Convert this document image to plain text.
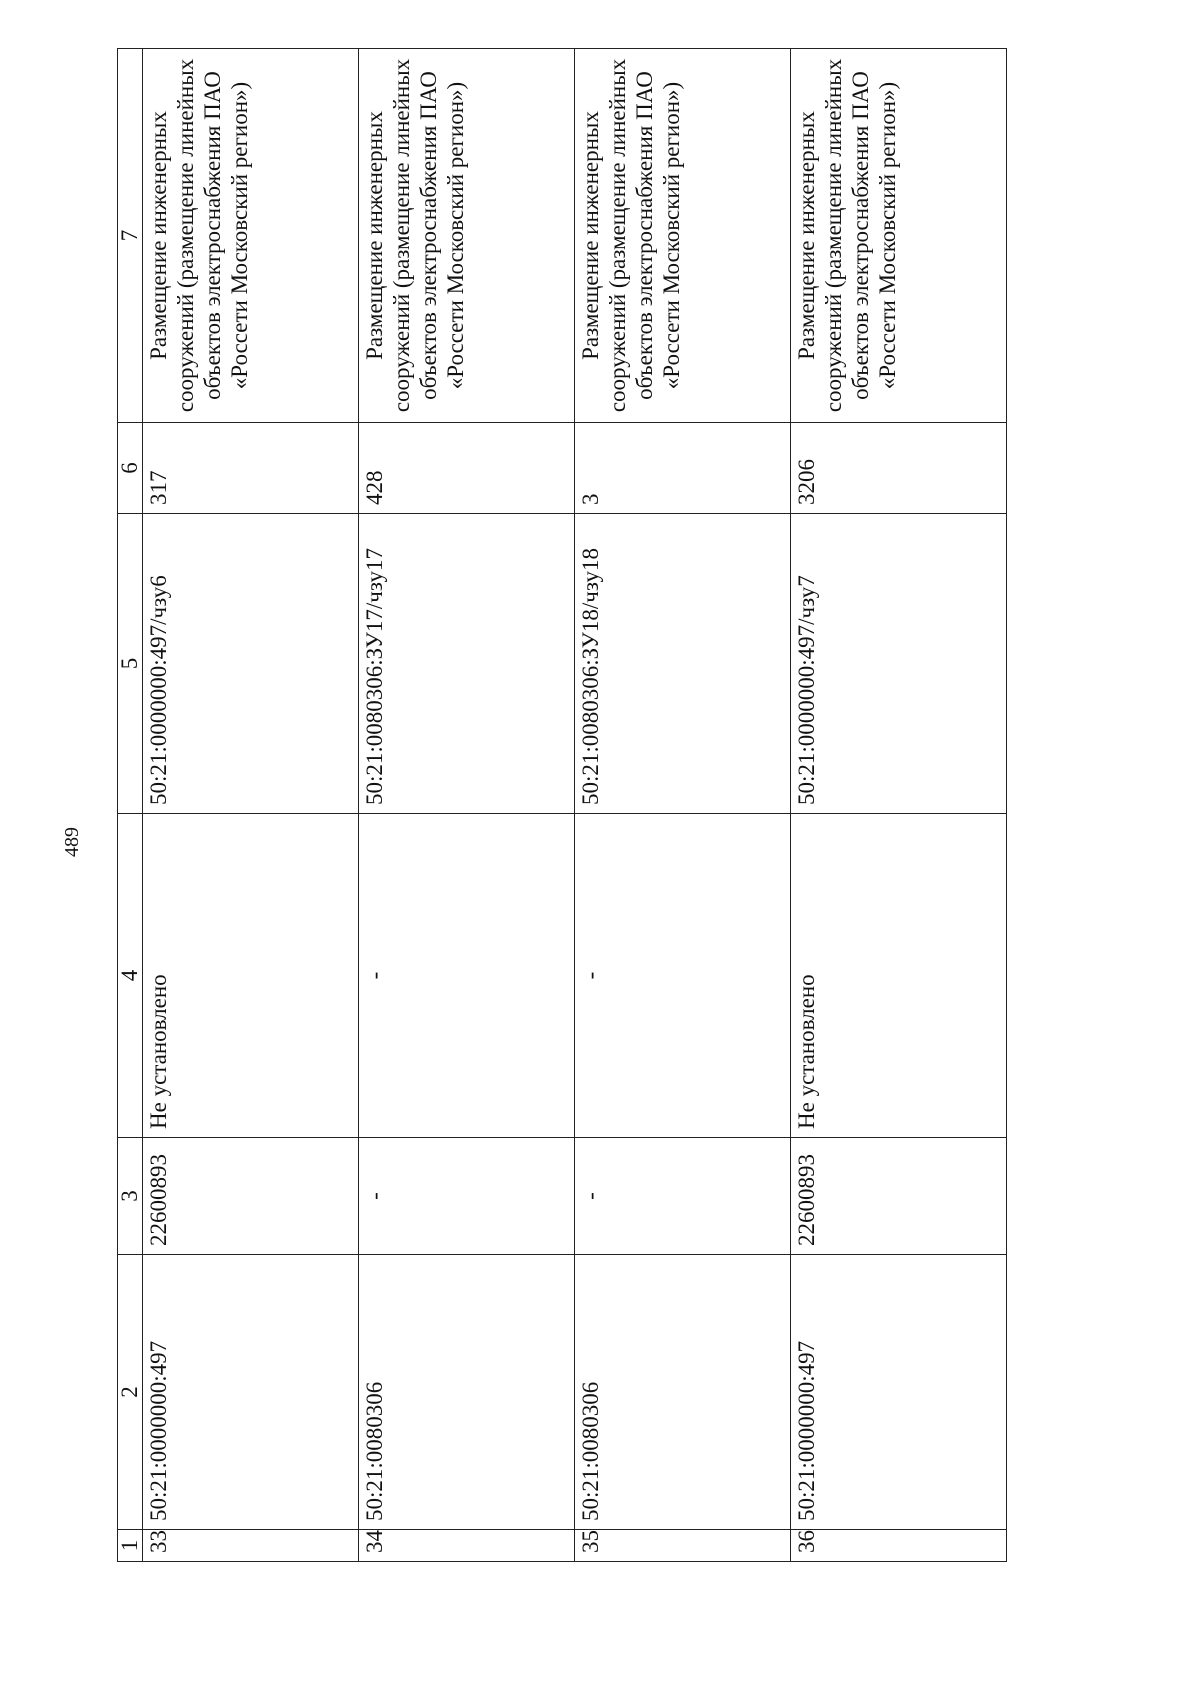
489
1	2	3	4	5	6	7
33	50:21:0000000:497	22600893	Не установлено	50:21:0000000:497/чзу6	317	Размещение инженерных сооружений (размещение линейных объектов электроснабжения ПАО «Россети Московский регион»)

34	50:21:0080306	-	-	50:21:0080306:ЗУ17/чзу17	428	Размещение инженерных сооружений (размещение линейных объектов электроснабжения ПАО «Россети Московский регион»)

35	50:21:0080306	-	-	50:21:0080306:ЗУ18/чзу18	3	Размещение инженерных сооружений (размещение линейных объектов электроснабжения ПАО «Россети Московский регион»)

36	50:21:0000000:497	22600893	Не установлено	50:21:0000000:497/чзу7	3206	Размещение инженерных сооружений (размещение линейных объектов электроснабжения ПАО «Россети Московский регион»)
